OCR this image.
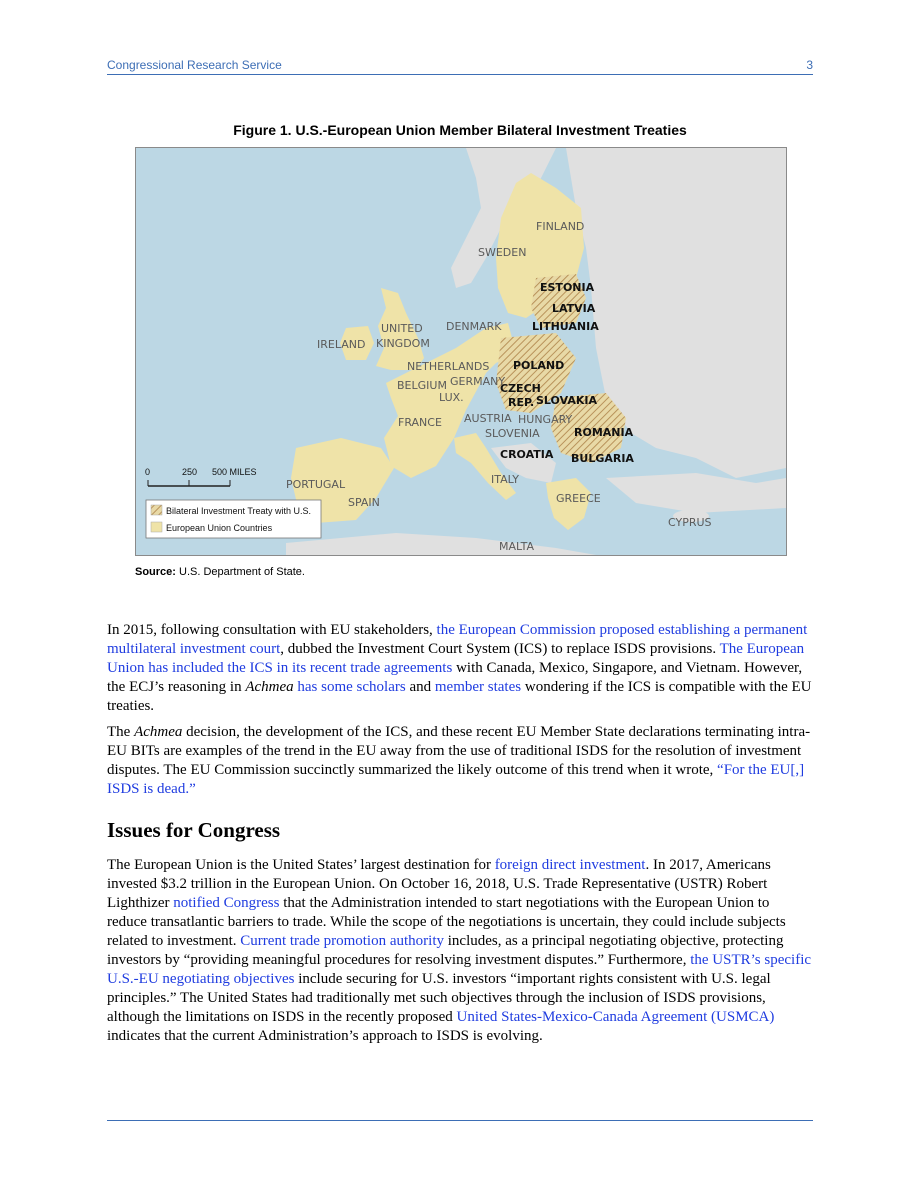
Congressional Research Service	3
Figure 1. U.S.-European Union Member Bilateral Investment Treaties
FINLAND
SWEDEN
ESTONIA
LATVIA
LITHUANIA
DENMARK
UNITED
KINGDOM
IRELAND
NETHERLANDS POLAND
BELGIUM GERMANY
CZECH
REP. SLOVAKIA
LUX.
AUSTRIA HUNGARY
FRANCE
SLOVENIA	ROMANIA
CROATIA BULGARIA
ITALY
PORTUGAL
SPAIN	GREECE
CYPRUS
MALTA
0	250 500 MILES
Bilateral Investment Treaty with U.S.
European Union Countries
Source: U.S. Department of State.

In 2015, following consultation with EU stakeholders, the European Commission proposed establishing a permanent multilateral investment court, dubbed the Investment Court System (ICS) to replace ISDS provisions. The European Union has included the ICS in its recent trade agreements with Canada, Mexico, Singapore, and Vietnam. However, the ECJ’s reasoning in Achmea has some scholars and member states wondering if the ICS is compatible with the EU treaties.

The Achmea decision, the development of the ICS, and these recent EU Member State declarations terminating intra-EU BITs are examples of the trend in the EU away from the use of traditional ISDS for the resolution of investment disputes. The EU Commission succinctly summarized the likely outcome of this trend when it wrote, “For the EU[,] ISDS is dead.”

Issues for Congress

The European Union is the United States’ largest destination for foreign direct investment. In 2017, Americans invested $3.2 trillion in the European Union. On October 16, 2018, U.S. Trade Representative (USTR) Robert Lighthizer notified Congress that the Administration intended to start negotiations with the European Union to reduce transatlantic barriers to trade. While the scope of the negotiations is uncertain, they could include subjects related to investment. Current trade promotion authority includes, as a principal negotiating objective, protecting investors by “providing meaningful procedures for resolving investment disputes.” Furthermore, the USTR’s specific U.S.-EU negotiating objectives include securing for U.S. investors “important rights consistent with U.S. legal principles.” The United States had traditionally met such objectives through the inclusion of ISDS provisions, although the limitations on ISDS in the recently proposed United States-Mexico-Canada Agreement (USMCA) indicates that the current Administration’s approach to ISDS is evolving.
